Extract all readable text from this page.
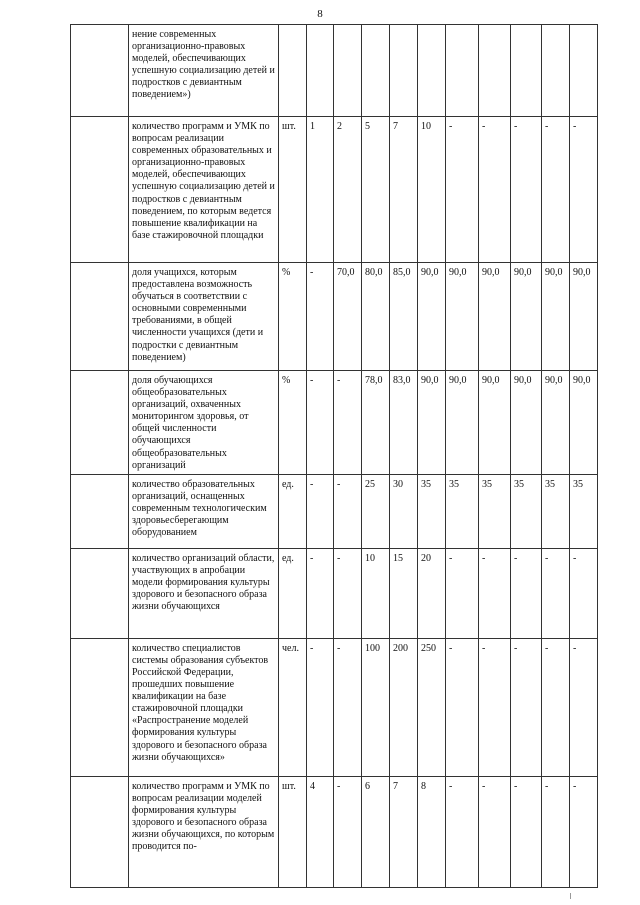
8
	нение современных организационно-правовых моделей, обеспечивающих успешную социализацию детей и подростков с девиантным поведением»)											
	количество программ и УМК по вопросам реализации современных образовательных и организационно-правовых моделей, обеспечивающих успешную социализацию детей и подростков с девиантным поведением, по которым ведется повышение квалификации на базе стажировочной площадки	шт.	1	2	5	7	10	-	-	-	-	-
	доля учащихся, которым предоставлена возможность обучаться в соответствии с основными современными требованиями, в общей численности учащихся (дети и подростки с девиантным поведением)	%	-	70,0	80,0	85,0	90,0	90,0	90,0	90,0	90,0	90,0
	доля обучающихся общеобразовательных организаций, охваченных мониторингом здоровья, от общей численности обучающихся общеобразовательных организаций	%	-	-	78,0	83,0	90,0	90,0	90,0	90,0	90,0	90,0
	количество образовательных организаций, оснащенных современным технологическим здоровьесберегающим оборудованием	ед.	-	-	25	30	35	35	35	35	35	35
	количество организаций области, участвующих в апробации модели формирования культуры здорового и безопасного образа жизни обучающихся	ед.	-	-	10	15	20	-	-	-	-	-
	количество специалистов системы образования субъектов Российской Федерации, прошедших повышение квалификации на базе стажировочной площадки «Распространение моделей формирования культуры здорового и безопасного образа жизни обучающихся»	чел.	-	-	100	200	250	-	-	-	-	-
	количество программ и УМК по вопросам реализации моделей формирования культуры здорового и безопасного образа жизни обучающихся, по которым проводится по-	шт.	4	-	6	7	8	-	-	-	-	-
